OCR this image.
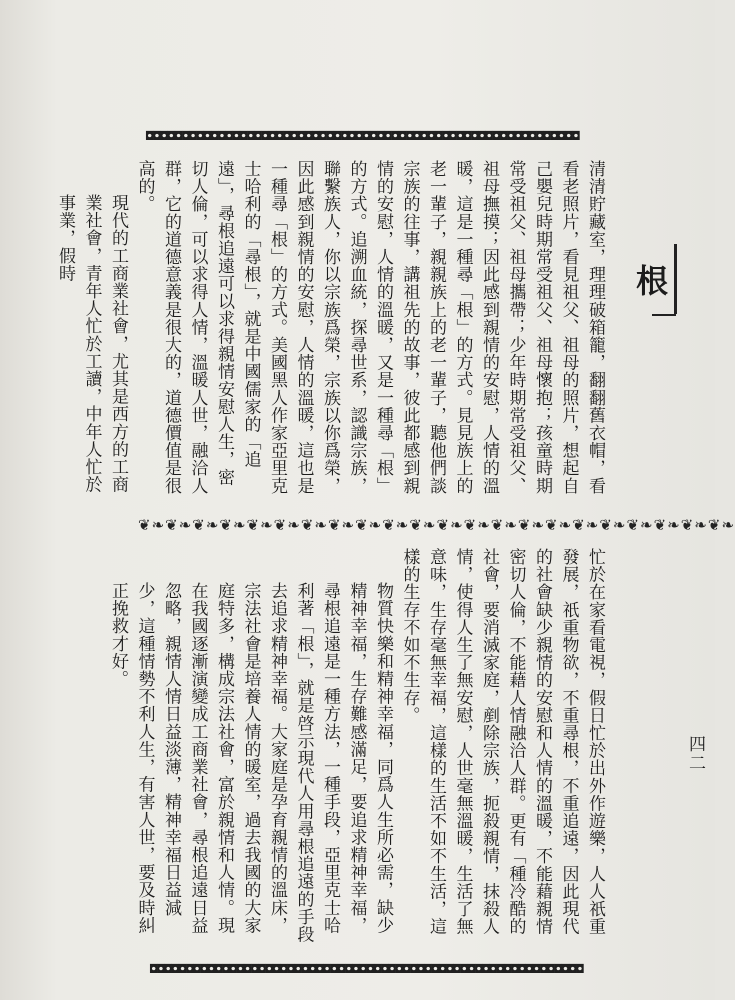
◘◘◘◘◘◘◘◘◘◘◘◘◘◘◘◘◘◘◘◘◘◘◘◘◘◘◘◘◘◘◘◘◘◘◘◘◘◘◘◘◘◘◘◘◘◘◘◘◘◘◘◘◘◘◘◘◘◘◘◘
根

清清貯藏室，理理破箱籠，翻翻舊衣帽，看看老照片，看見祖父、祖母的照片，想起自己嬰兒時期常受祖父、祖母懷抱；孩童時期常受祖父、祖母攜帶；少年時期常受祖父、祖母撫摸；因此感到親情的安慰，人情的溫暖，這是一種尋「根」的方式。見見族上的老一輩子，親親族上的老一輩子，聽他們談宗族的往事，講祖先的故事，彼此都感到親情的安慰，人情的溫暖，又是一種尋「根」的方式。追溯血統，探尋世系，認識宗族，聯繫族人，你以宗族爲榮，宗族以你爲榮，因此感到親情的安慰，人情的溫暖，這也是一種尋「根」的方式。美國黑人作家亞里克士哈利的「尋根」，就是中國儒家的「追遠」，尋根追遠可以求得親情安慰人生，密切人倫，可以求得人情，溫暖人世，融洽人群，它的道德意義是很大的，道德價值是很高的。

現代的工商業社會，尤其是西方的工商業社會，青年人忙於工讀，中年人忙於事業，假時

❦❧❦❧❦❧❦❧❦❧❦❧❦❧❦❧❦❧❦❧❦❧❦❧❦❧❦❧❦❧❦❧❦❧❦❧❦❧❦❧❦❧❦❧

忙於在家看電視，假日忙於出外作遊樂，人人祇重發展，祇重物欲，不重尋根，不重追遠，因此現代的社會缺少親情的安慰和人情的溫暖，不能藉親情密切人倫，不能藉人情融洽人群。更有「種冷酷的社會，要消滅家庭，剷除宗族，扼殺親情，抹殺人情，使得人生了無安慰，人世毫無溫暖，生活了無意味，生存毫無幸福，這樣的生活不如不生活，這樣的生存不如不生存。

物質快樂和精神幸福，同爲人生所必需，缺少精神幸福，生存難感滿足，要追求精神幸福，尋根追遠是一種方法，一種手段，亞里克士哈利著「根」，就是啓示現代人用尋根追遠的手段去追求精神幸福。大家庭是孕育親情的溫床，宗法社會是培養人情的暖室，過去我國的大家庭特多，構成宗法社會，富於親情和人情。現在我國逐漸演變成工商業社會，尋根追遠日益忽略，親情人情日益淡薄，精神幸福日益減少，這種情勢不利人生，有害人世，要及時糾正挽救才好。

四二
◘◘◘◘◘◘◘◘◘◘◘◘◘◘◘◘◘◘◘◘◘◘◘◘◘◘◘◘◘◘◘◘◘◘◘◘◘◘◘◘◘◘◘◘◘◘◘◘◘◘◘◘◘◘◘◘◘◘◘◘
